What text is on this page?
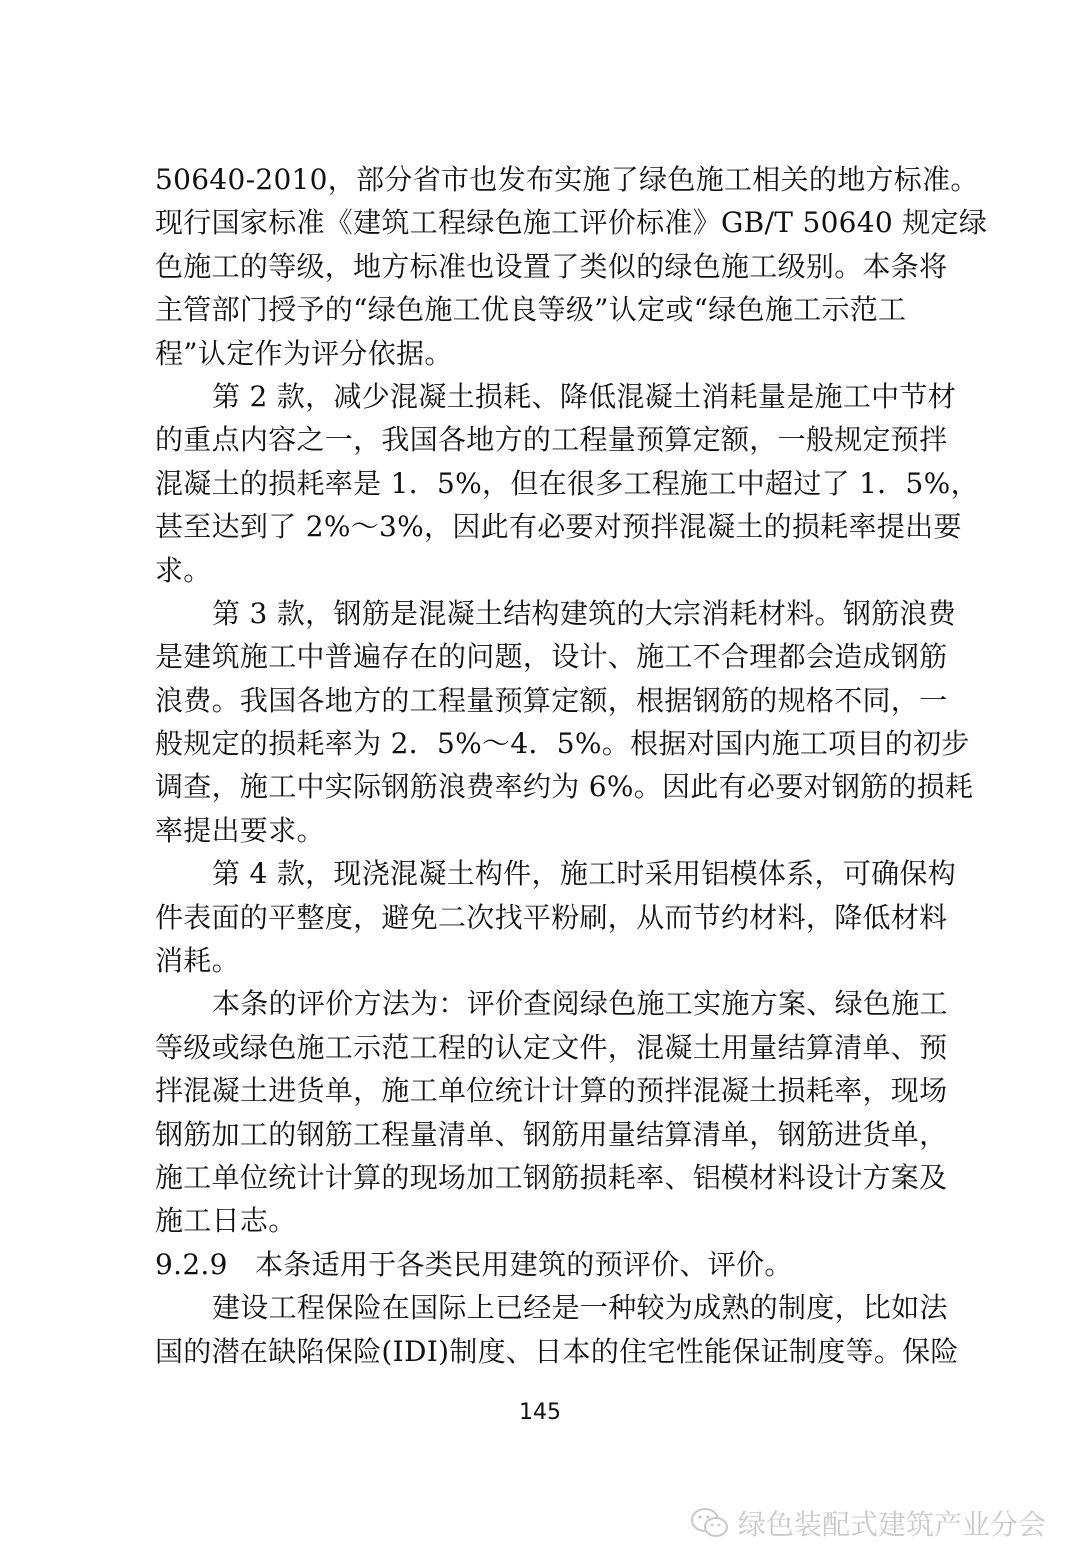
50640-2010，部分省市也发布实施了绿色施工相关的地方标准。
现行国家标准《建筑工程绿色施工评价标准》GB/T 50640 规定绿
色施工的等级，地方标准也设置了类似的绿色施工级别。本条将
主管部门授予的“绿色施工优良等级”认定或“绿色施工示范工
程”认定作为评分依据。
第 2 款，减少混凝土损耗、降低混凝土消耗量是施工中节材
的重点内容之一，我国各地方的工程量预算定额，一般规定预拌
混凝土的损耗率是 1．5%，但在很多工程施工中超过了 1．5%，
甚至达到了 2%～3%，因此有必要对预拌混凝土的损耗率提出要
求。
第 3 款，钢筋是混凝土结构建筑的大宗消耗材料。钢筋浪费
是建筑施工中普遍存在的问题，设计、施工不合理都会造成钢筋
浪费。我国各地方的工程量预算定额，根据钢筋的规格不同，一
般规定的损耗率为 2．5%～4．5%。根据对国内施工项目的初步
调查，施工中实际钢筋浪费率约为 6%。因此有必要对钢筋的损耗
率提出要求。
第 4 款，现浇混凝土构件，施工时采用铝模体系，可确保构
件表面的平整度，避免二次找平粉刷，从而节约材料，降低材料
消耗。
本条的评价方法为：评价查阅绿色施工实施方案、绿色施工
等级或绿色施工示范工程的认定文件，混凝土用量结算清单、预
拌混凝土进货单，施工单位统计计算的预拌混凝土损耗率，现场
钢筋加工的钢筋工程量清单、钢筋用量结算清单，钢筋进货单，
施工单位统计计算的现场加工钢筋损耗率、铝模材料设计方案及
施工日志。
9.2.9 本条适用于各类民用建筑的预评价、评价。
建设工程保险在国际上已经是一种较为成熟的制度，比如法
国的潜在缺陷保险(IDI)制度、日本的住宅性能保证制度等。保险
145
绿色装配式建筑产业分会
